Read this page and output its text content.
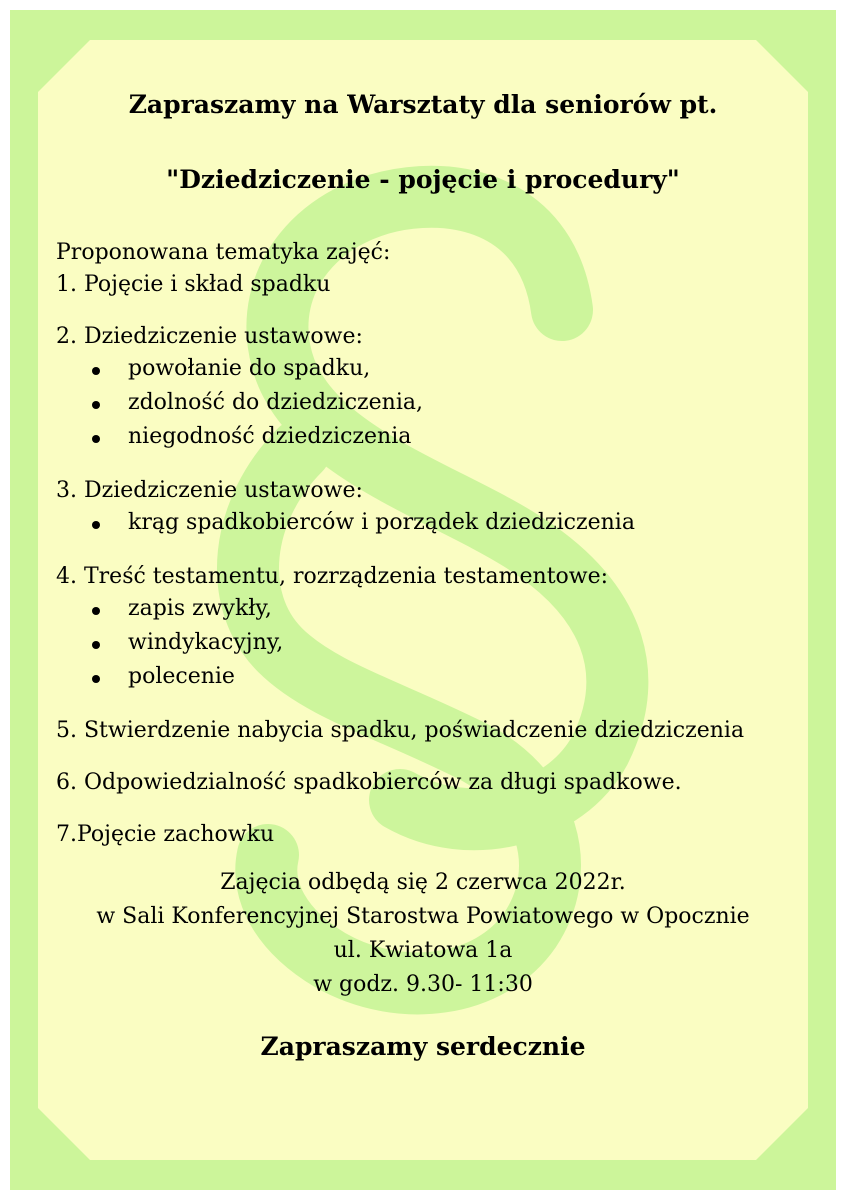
Zapraszamy na Warsztaty dla seniorów pt.
"Dziedziczenie - pojęcie i procedury"
Proponowana tematyka zajęć:
1. Pojęcie i skład spadku
2. Dziedziczenie ustawowe:
powołanie do spadku,
zdolność do dziedziczenia,
niegodność dziedziczenia
3. Dziedziczenie ustawowe:
krąg spadkobierców i porządek dziedziczenia
4. Treść testamentu, rozrządzenia testamentowe:
zapis zwykły,
windykacyjny,
polecenie
5. Stwierdzenie nabycia spadku, poświadczenie dziedziczenia
6. Odpowiedzialność spadkobierców za długi spadkowe.
7.Pojęcie zachowku
Zajęcia odbędą się 2 czerwca 2022r.
w Sali Konferencyjnej Starostwa Powiatowego w Opocznie
ul. Kwiatowa 1a
w godz. 9.30- 11:30
Zapraszamy serdecznie
